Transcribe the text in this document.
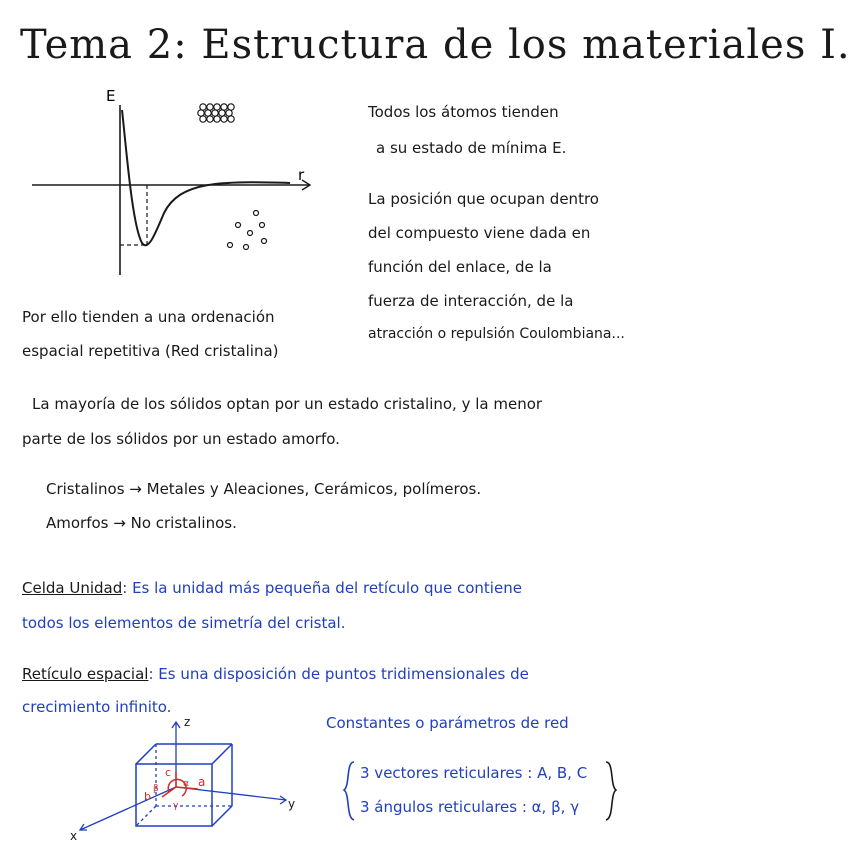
Tema 2: Estructura de los materiales I.
E
r
Todos los átomos tienden
a su estado de mínima E.
La posición que ocupan dentro
del compuesto viene dada en
función del enlace, de la
fuerza de interacción, de la
atracción o repulsión Coulombiana...
Por ello tienden a una ordenación
espacial repetitiva (Red cristalina)
La mayoría de los sólidos optan por un estado cristalino, y la menor
parte de los sólidos por un estado amorfo.
Cristalinos → Metales y Aleaciones, Cerámicos, polímeros.
Amorfos → No cristalinos.
Celda Unidad: Es la unidad más pequeña del retículo que contiene
todos los elementos de simetría del cristal.
Retículo espacial: Es una disposición de puntos tridimensionales de
crecimiento infinito.
Constantes o parámetros de red
3 vectores reticulares : A, B, C
3 ángulos reticulares : α, β, γ
z
y
x
c
a
b
α
β
γ
